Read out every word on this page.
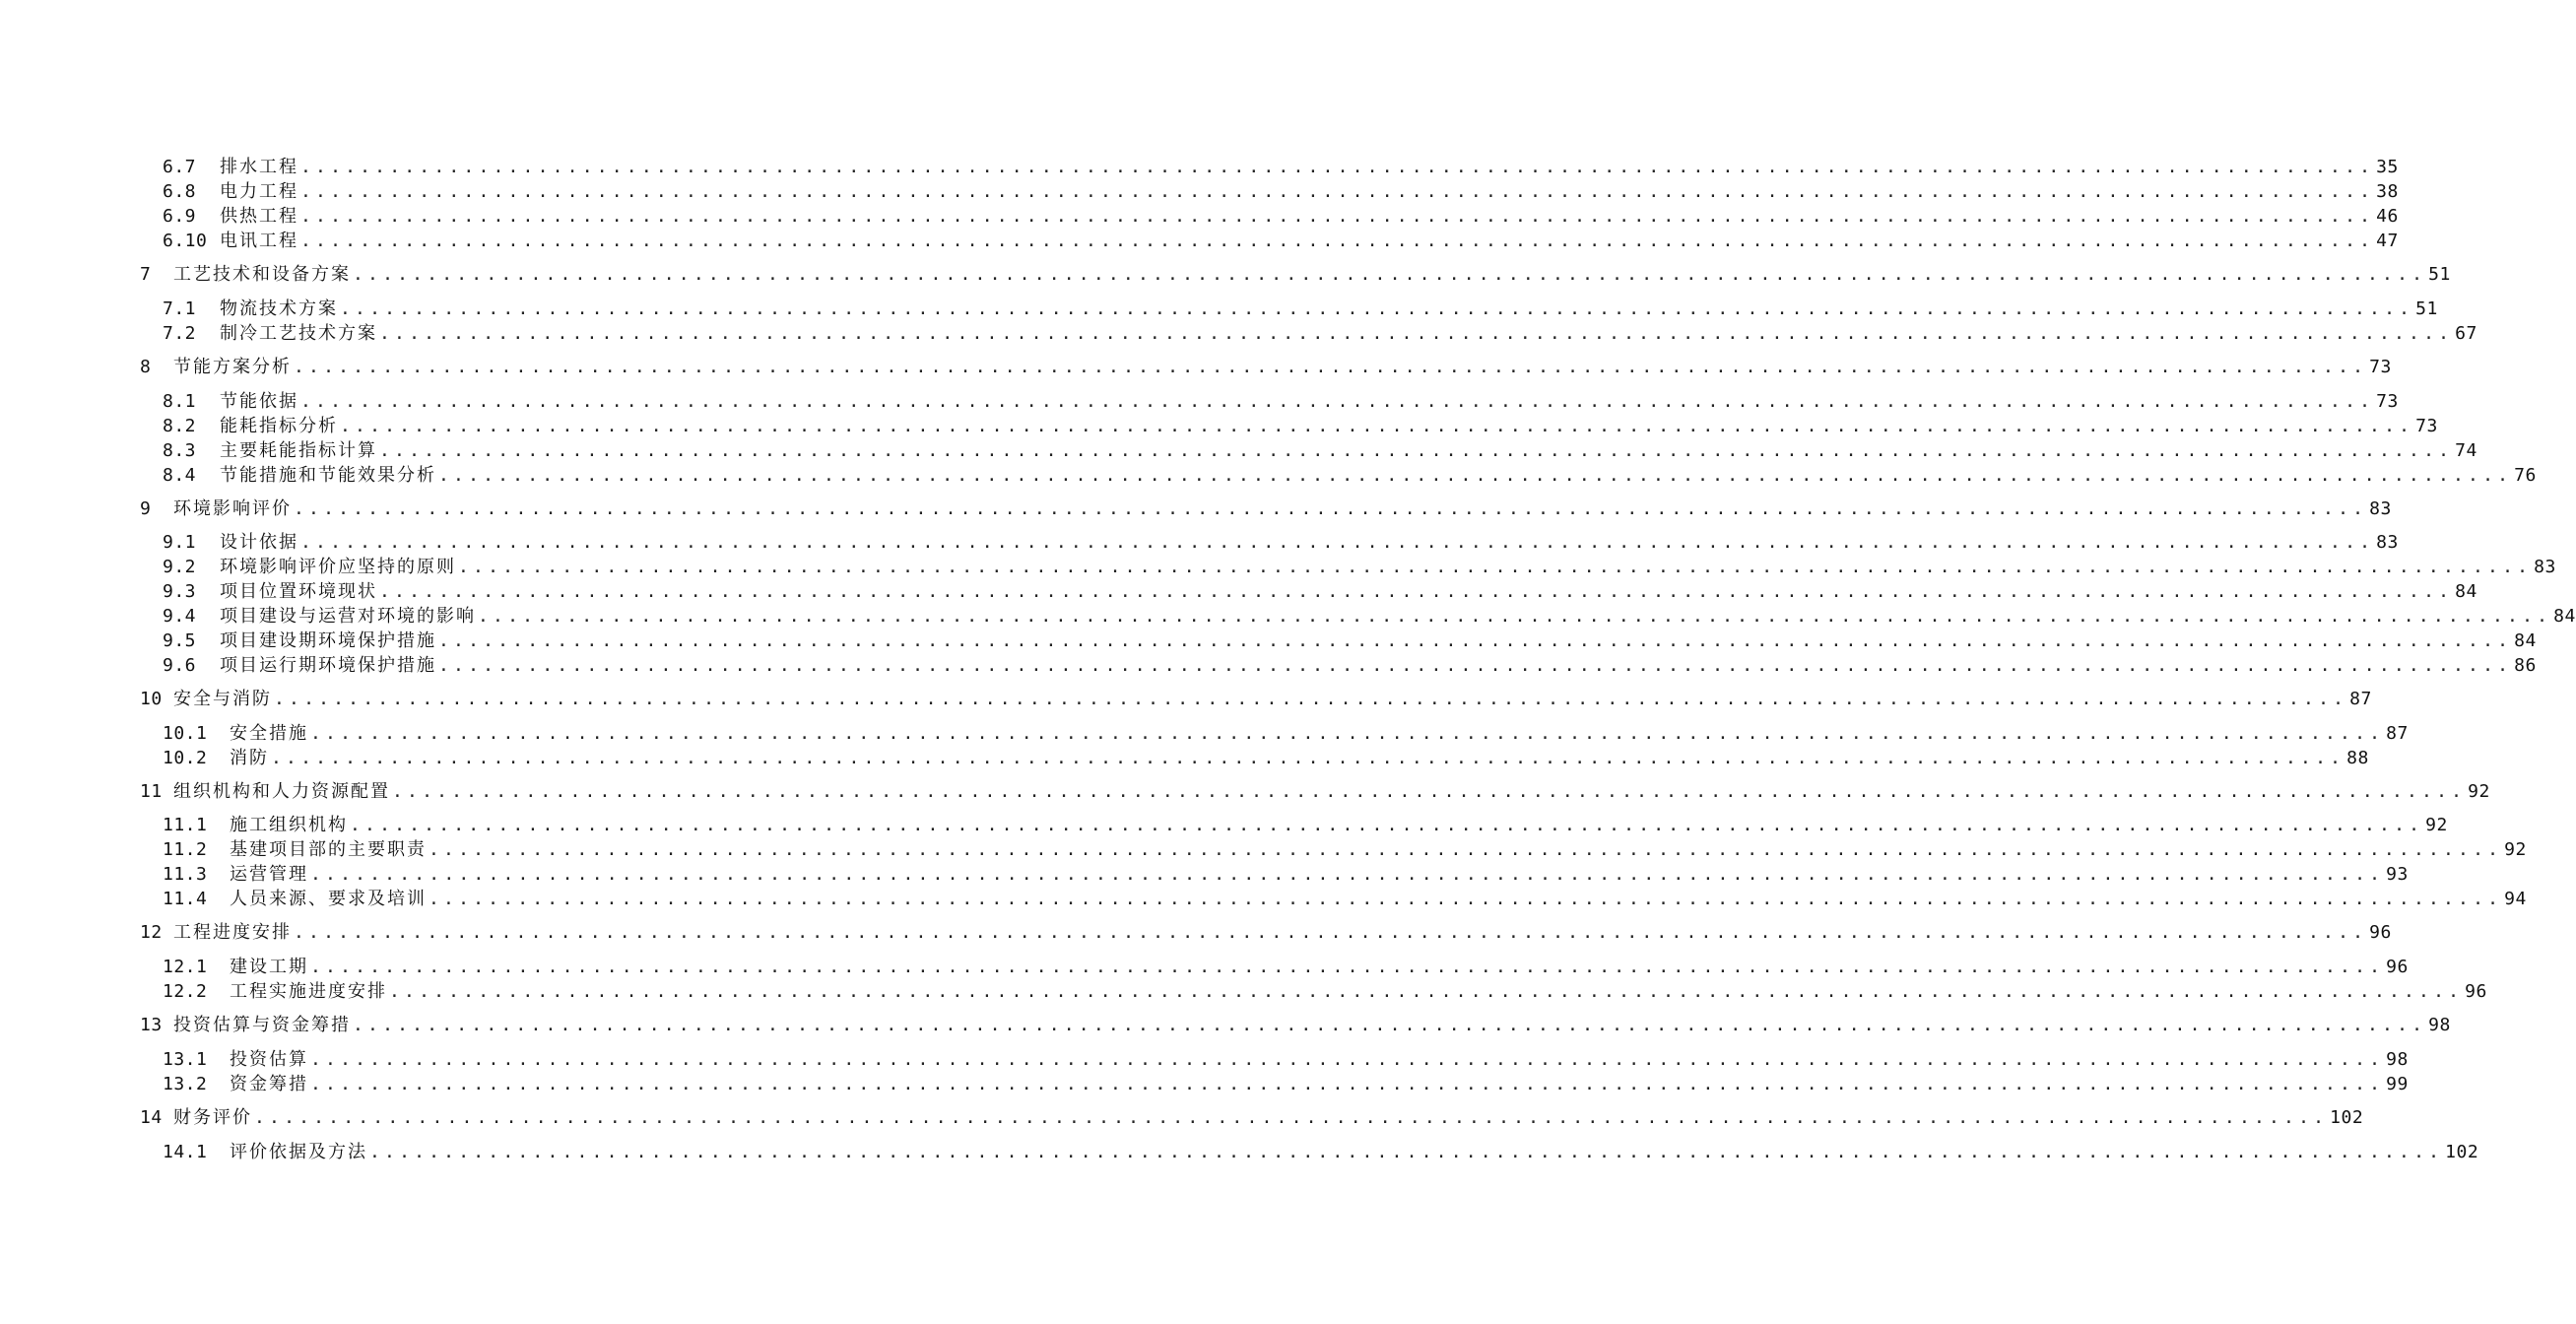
6.7	排水工程 ............................................................................................................................................ 35
6.8	电力工程 ............................................................................................................................................ 38
6.9	供热工程 ............................................................................................................................................ 46
6.10 电讯工程 ............................................................................................................................................ 47
7	工艺技术和设备方案 ............................................................................................................................................ 51
7.1	物流技术方案 ............................................................................................................................................ 51
7.2	制冷工艺技术方案 ............................................................................................................................................ 67
8	节能方案分析 ............................................................................................................................................ 73
8.1	节能依据 ............................................................................................................................................ 73
8.2	能耗指标分析 ............................................................................................................................................ 73
8.3	主要耗能指标计算 ............................................................................................................................................ 74
8.4	节能措施和节能效果分析 ............................................................................................................................................ 76
9	环境影响评价 ............................................................................................................................................ 83
9.1	设计依据 ............................................................................................................................................ 83
9.2	环境影响评价应坚持的原则 ............................................................................................................................................ 83
9.3	项目位置环境现状 ............................................................................................................................................ 84
9.4	项目建设与运营对环境的影响 ............................................................................................................................................ 84
9.5	项目建设期环境保护措施 ............................................................................................................................................ 84
9.6	项目运行期环境保护措施 ............................................................................................................................................ 86
10 安全与消防 ............................................................................................................................................ 87
10.1	安全措施 ............................................................................................................................................ 87
10.2	消防 ............................................................................................................................................ 88
11 组织机构和人力资源配置 ............................................................................................................................................ 92
11.1	施工组织机构 ............................................................................................................................................ 92
11.2	基建项目部的主要职责 ............................................................................................................................................ 92
11.3	运营管理 ............................................................................................................................................ 93
11.4	人员来源、要求及培训 ............................................................................................................................................ 94
12 工程进度安排 ............................................................................................................................................ 96
12.1	建设工期 ............................................................................................................................................ 96
12.2	工程实施进度安排 ............................................................................................................................................ 96
13 投资估算与资金筹措 ............................................................................................................................................ 98
13.1	投资估算 ............................................................................................................................................ 98
13.2	资金筹措 ............................................................................................................................................ 99
14 财务评价 ............................................................................................................................................ 102
14.1	评价依据及方法 ............................................................................................................................................ 102
